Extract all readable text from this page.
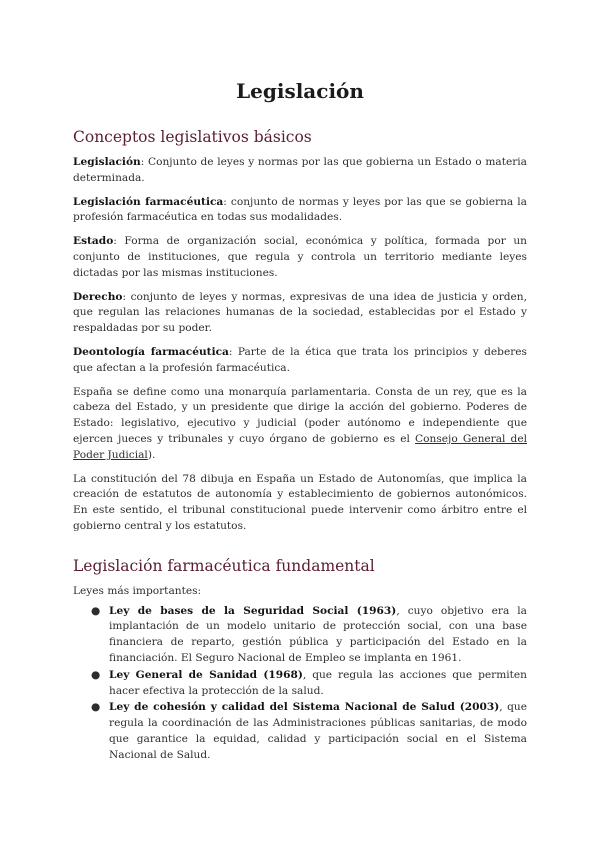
Legislación
Conceptos legislativos básicos

Legislación: Conjunto de leyes y normas por las que gobierna un Estado o materia determinada.

Legislación farmacéutica: conjunto de normas y leyes por las que se gobierna la profesión farmacéutica en todas sus modalidades.

Estado: Forma de organización social, económica y política, formada por un conjunto de instituciones, que regula y controla un territorio mediante leyes dictadas por las mismas instituciones.

Derecho: conjunto de leyes y normas, expresivas de una idea de justicia y orden, que regulan las relaciones humanas de la sociedad, establecidas por el Estado y respaldadas por su poder.

Deontología farmacéutica: Parte de la ética que trata los principios y deberes que afectan a la profesión farmacéutica.

España se define como una monarquía parlamentaria. Consta de un rey, que es la cabeza del Estado, y un presidente que dirige la acción del gobierno. Poderes de Estado: legislativo, ejecutivo y judicial (poder autónomo e independiente que ejercen jueces y tribunales y cuyo órgano de gobierno es el Consejo General del Poder Judicial).

La constitución del 78 dibuja en España un Estado de Autonomías, que implica la creación de estatutos de autonomía y establecimiento de gobiernos autonómicos. En este sentido, el tribunal constitucional puede intervenir como árbitro entre el gobierno central y los estatutos.

Legislación farmacéutica fundamental

Leyes más importantes:

● Ley de bases de la Seguridad Social (1963), cuyo objetivo era la implantación de un modelo unitario de protección social, con una base financiera de reparto, gestión pública y participación del Estado en la financiación. El Seguro Nacional de Empleo se implanta en 1961.
● Ley General de Sanidad (1968), que regula las acciones que permiten hacer efectiva la protección de la salud.
● Ley de cohesión y calidad del Sistema Nacional de Salud (2003), que regula la coordinación de las Administraciones públicas sanitarias, de modo que garantice la equidad, calidad y participación social en el Sistema Nacional de Salud.
